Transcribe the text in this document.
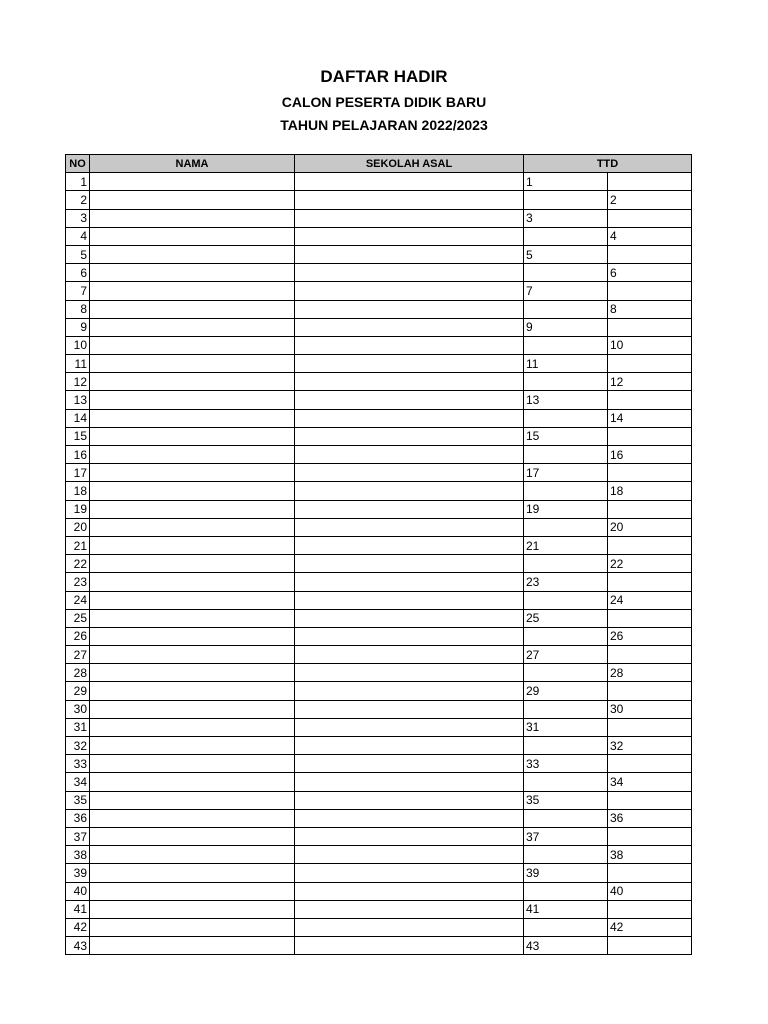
DAFTAR HADIR
CALON PESERTA DIDIK BARU
TAHUN PELAJARAN 2022/2023
NO	NAMA	SEKOLAH ASAL	TTD	
1			1	
2				2
3			3	
4				4
5			5	
6				6
7			7	
8				8
9			9	
10				10
11			11	
12				12
13			13	
14				14
15			15	
16				16
17			17	
18				18
19			19	
20				20
21			21	
22				22
23			23	
24				24
25			25	
26				26
27			27	
28				28
29			29	
30				30
31			31	
32				32
33			33	
34				34
35			35	
36				36
37			37	
38				38
39			39	
40				40
41			41	
42				42
43			43	
